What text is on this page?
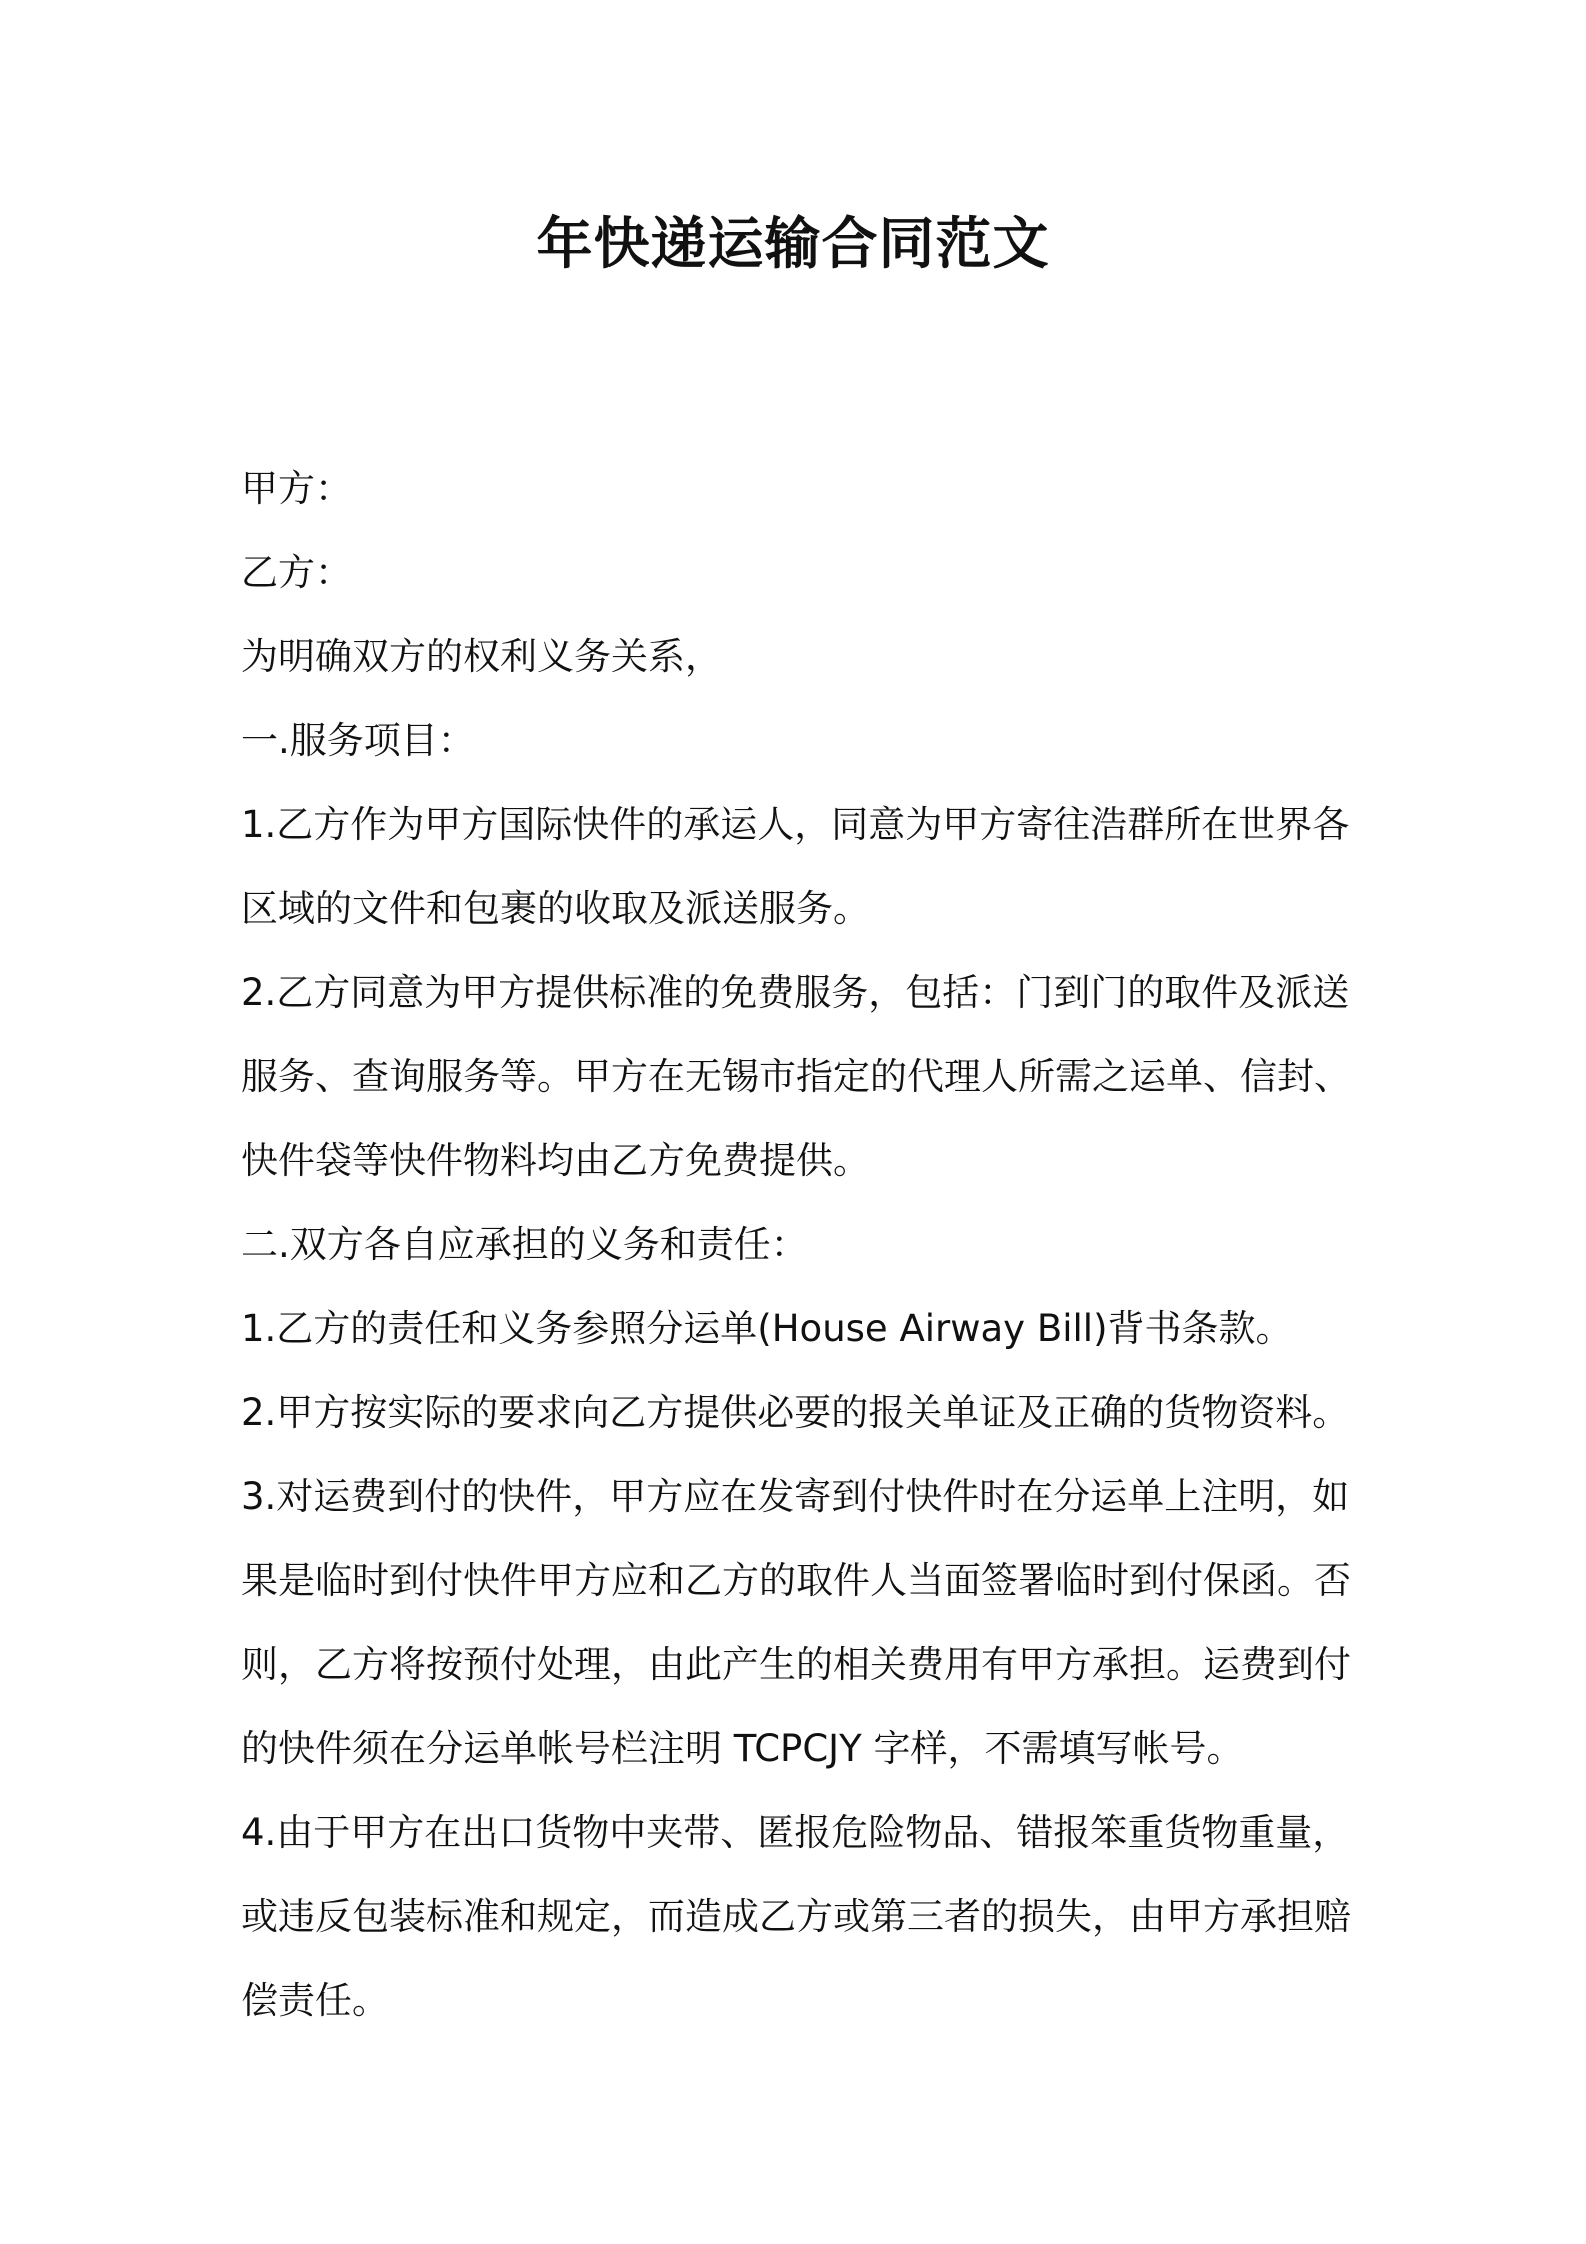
年快递运输合同范文

甲方：

乙方：

为明确双方的权利义务关系，

一.服务项目：

1.乙方作为甲方国际快件的承运人，同意为甲方寄往浩群所在世界各

区域的文件和包裹的收取及派送服务。

2.乙方同意为甲方提供标准的免费服务，包括：门到门的取件及派送

服务、查询服务等。甲方在无锡市指定的代理人所需之运单、信封、

快件袋等快件物料均由乙方免费提供。

二.双方各自应承担的义务和责任：

1.乙方的责任和义务参照分运单(House Airway Bill)背书条款。

2.甲方按实际的要求向乙方提供必要的报关单证及正确的货物资料。

3.对运费到付的快件，甲方应在发寄到付快件时在分运单上注明，如

果是临时到付快件甲方应和乙方的取件人当面签署临时到付保函。否

则，乙方将按预付处理，由此产生的相关费用有甲方承担。运费到付

的快件须在分运单帐号栏注明 TCPCJY 字样，不需填写帐号。

4.由于甲方在出口货物中夹带、匿报危险物品、错报笨重货物重量，

或违反包装标准和规定，而造成乙方或第三者的损失，由甲方承担赔

偿责任。
